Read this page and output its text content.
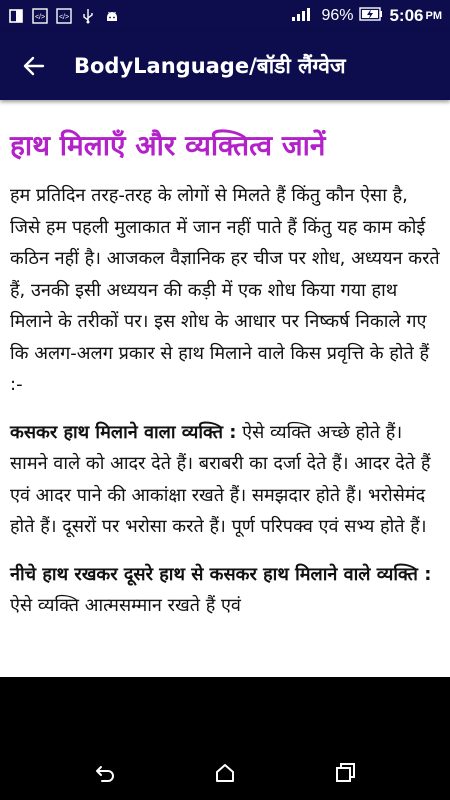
</> </>	96% 5:06 PM
BodyLanguage/बॉडी लैंग्वेज
हाथ मिलाएँ और व्यक्तित्व जानें

हम प्रतिदिन तरह-तरह के लोगों से मिलते हैं किंतु कौन ऐसा है, जिसे हम पहली मुलाकात में जान नहीं पाते हैं किंतु यह काम कोई कठिन नहीं है। आजकल वैज्ञानिक हर चीज पर शोध, अध्ययन करते हैं, उनकी इसी अध्ययन की कड़ी में एक शोध किया गया हाथ मिलाने के तरीकों पर। इस शोध के आधार पर निष्कर्ष निकाले गए कि अलग-अलग प्रकार से हाथ मिलाने वाले किस प्रवृत्ति के होते हैं :-

कसकर हाथ मिलाने वाला व्यक्ति : ऐसे व्यक्ति अच्छे होते हैं। सामने वाले को आदर देते हैं। बराबरी का दर्जा देते हैं। आदर देते हैं एवं आदर पाने की आकांक्षा रखते हैं। समझदार होते हैं। भरोसेमंद होते हैं। दूसरों पर भरोसा करते हैं। पूर्ण परिपक्व एवं सभ्य होते हैं।

नीचे हाथ रखकर दूसरे हाथ से कसकर हाथ मिलाने वाले व्यक्ति : ऐसे व्यक्ति आत्मसम्मान रखते हैं एवं
